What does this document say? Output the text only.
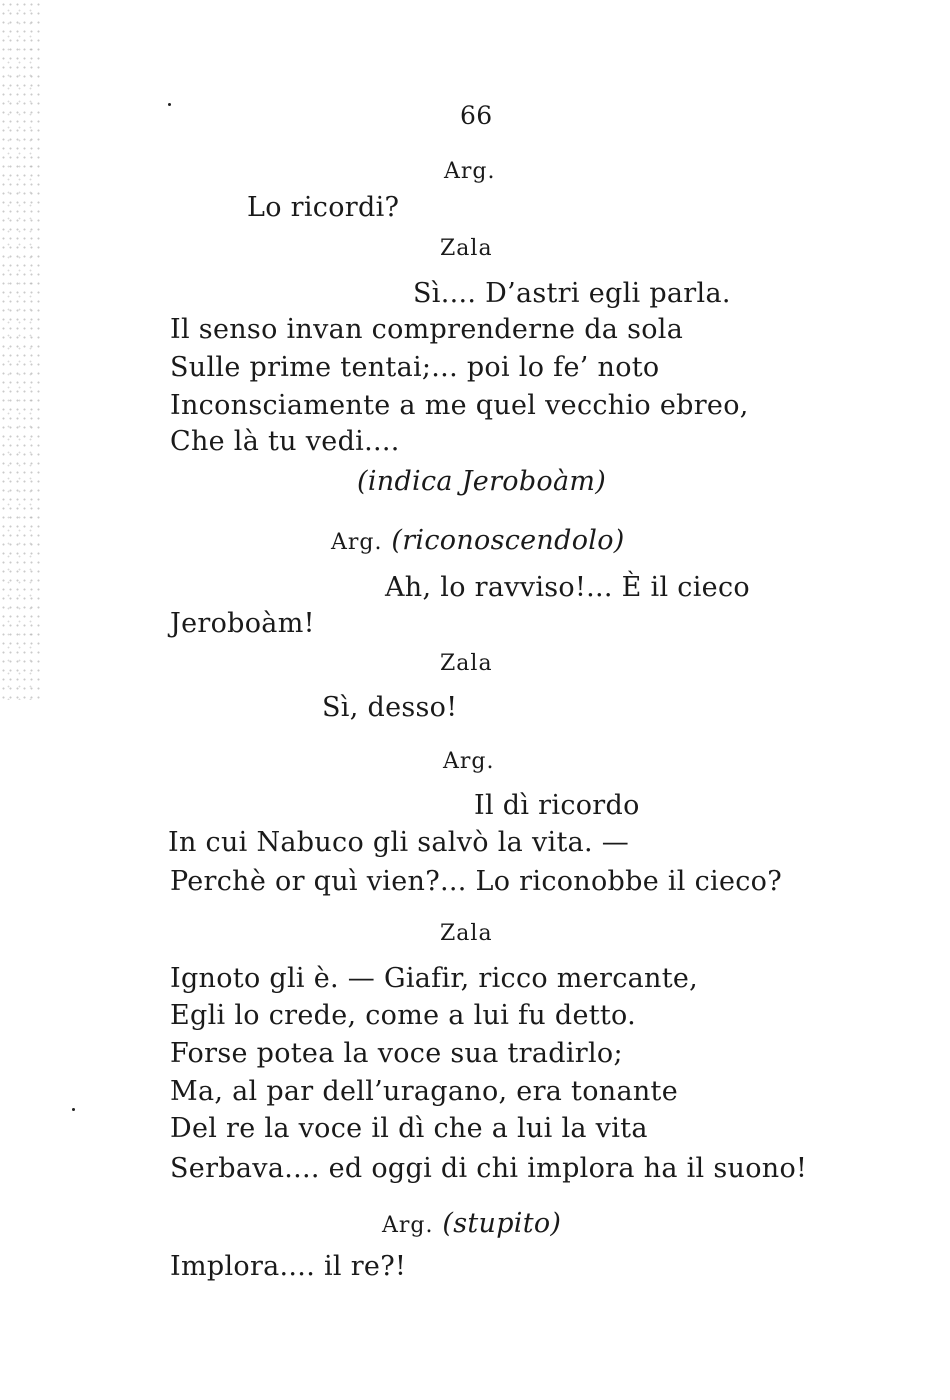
66

Arg.

Lo ricordi?

Zala

Sì.... D’astri egli parla.

Il senso invan comprenderne da sola

Sulle prime tentai;... poi lo fe’ noto

Inconsciamente a me quel vecchio ebreo,

Che là tu vedi....

(indica Jeroboàm)

Arg. (riconoscendolo)

Ah, lo ravviso!... È il cieco

Jeroboàm!

Zala

Sì, desso!

Arg.

Il dì ricordo

In cui Nabuco gli salvò la vita. —

Perchè or quì vien?... Lo riconobbe il cieco?

Zala

Ignoto gli è. — Giafir, ricco mercante,

Egli lo crede, come a lui fu detto.

Forse potea la voce sua tradirlo;

Ma, al par dell’uragano, era tonante

Del re la voce il dì che a lui la vita

Serbava.... ed oggi di chi implora ha il suono!

Arg. (stupito)

Implora.... il re?!
